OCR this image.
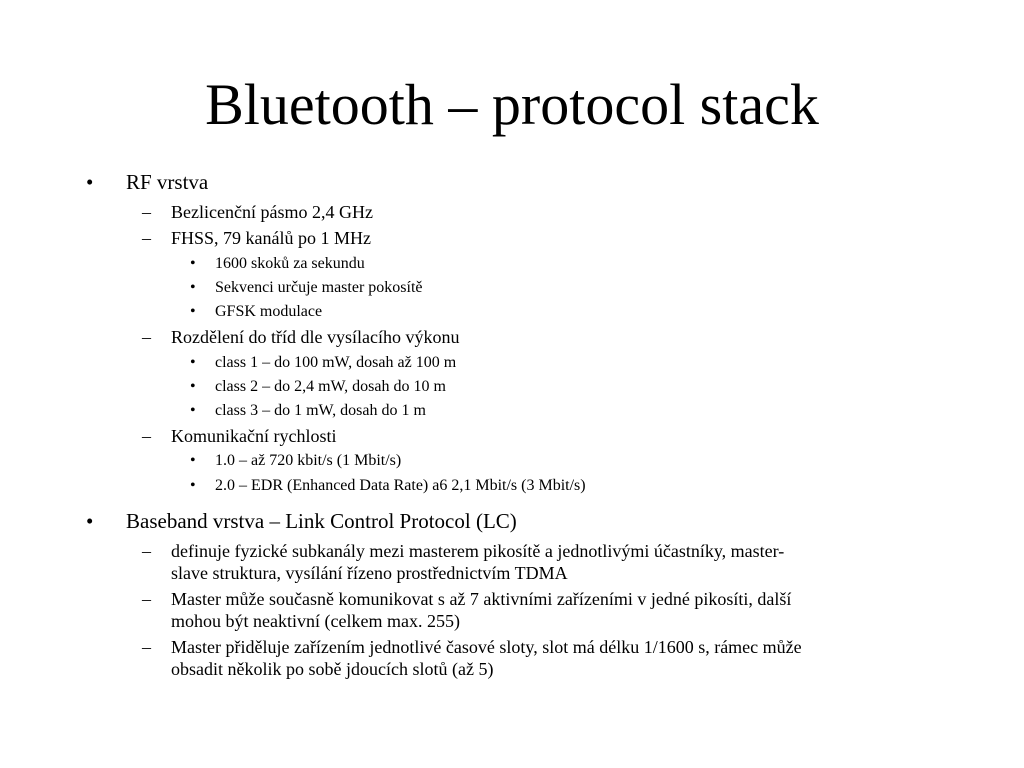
Bluetooth – protocol stack
• RF vrstva
– Bezlicenční pásmo 2,4 GHz
– FHSS, 79 kanálů po 1 MHz
• 1600 skoků za sekundu
• Sekvenci určuje master pokosítě
• GFSK modulace
– Rozdělení do tříd dle vysílacího výkonu
• class 1 – do 100 mW, dosah až 100 m
• class 2 – do 2,4 mW, dosah do 10 m
• class 3 – do 1 mW, dosah do 1 m
– Komunikační rychlosti
• 1.0 – až 720 kbit/s (1 Mbit/s)
• 2.0 – EDR (Enhanced Data Rate) a6 2,1 Mbit/s (3 Mbit/s)
• Baseband vrstva – Link Control Protocol (LC)
– definuje fyzické subkanály mezi masterem pikosítě a jednotlivými účastníky, master-
slave struktura, vysílání řízeno prostřednictvím TDMA
– Master může současně komunikovat s až 7 aktivními zařízeními v jedné pikosíti, další
mohou být neaktivní (celkem max. 255)
– Master přiděluje zařízením jednotlivé časové sloty, slot má délku 1/1600 s, rámec může
obsadit několik po sobě jdoucích slotů (až 5)
